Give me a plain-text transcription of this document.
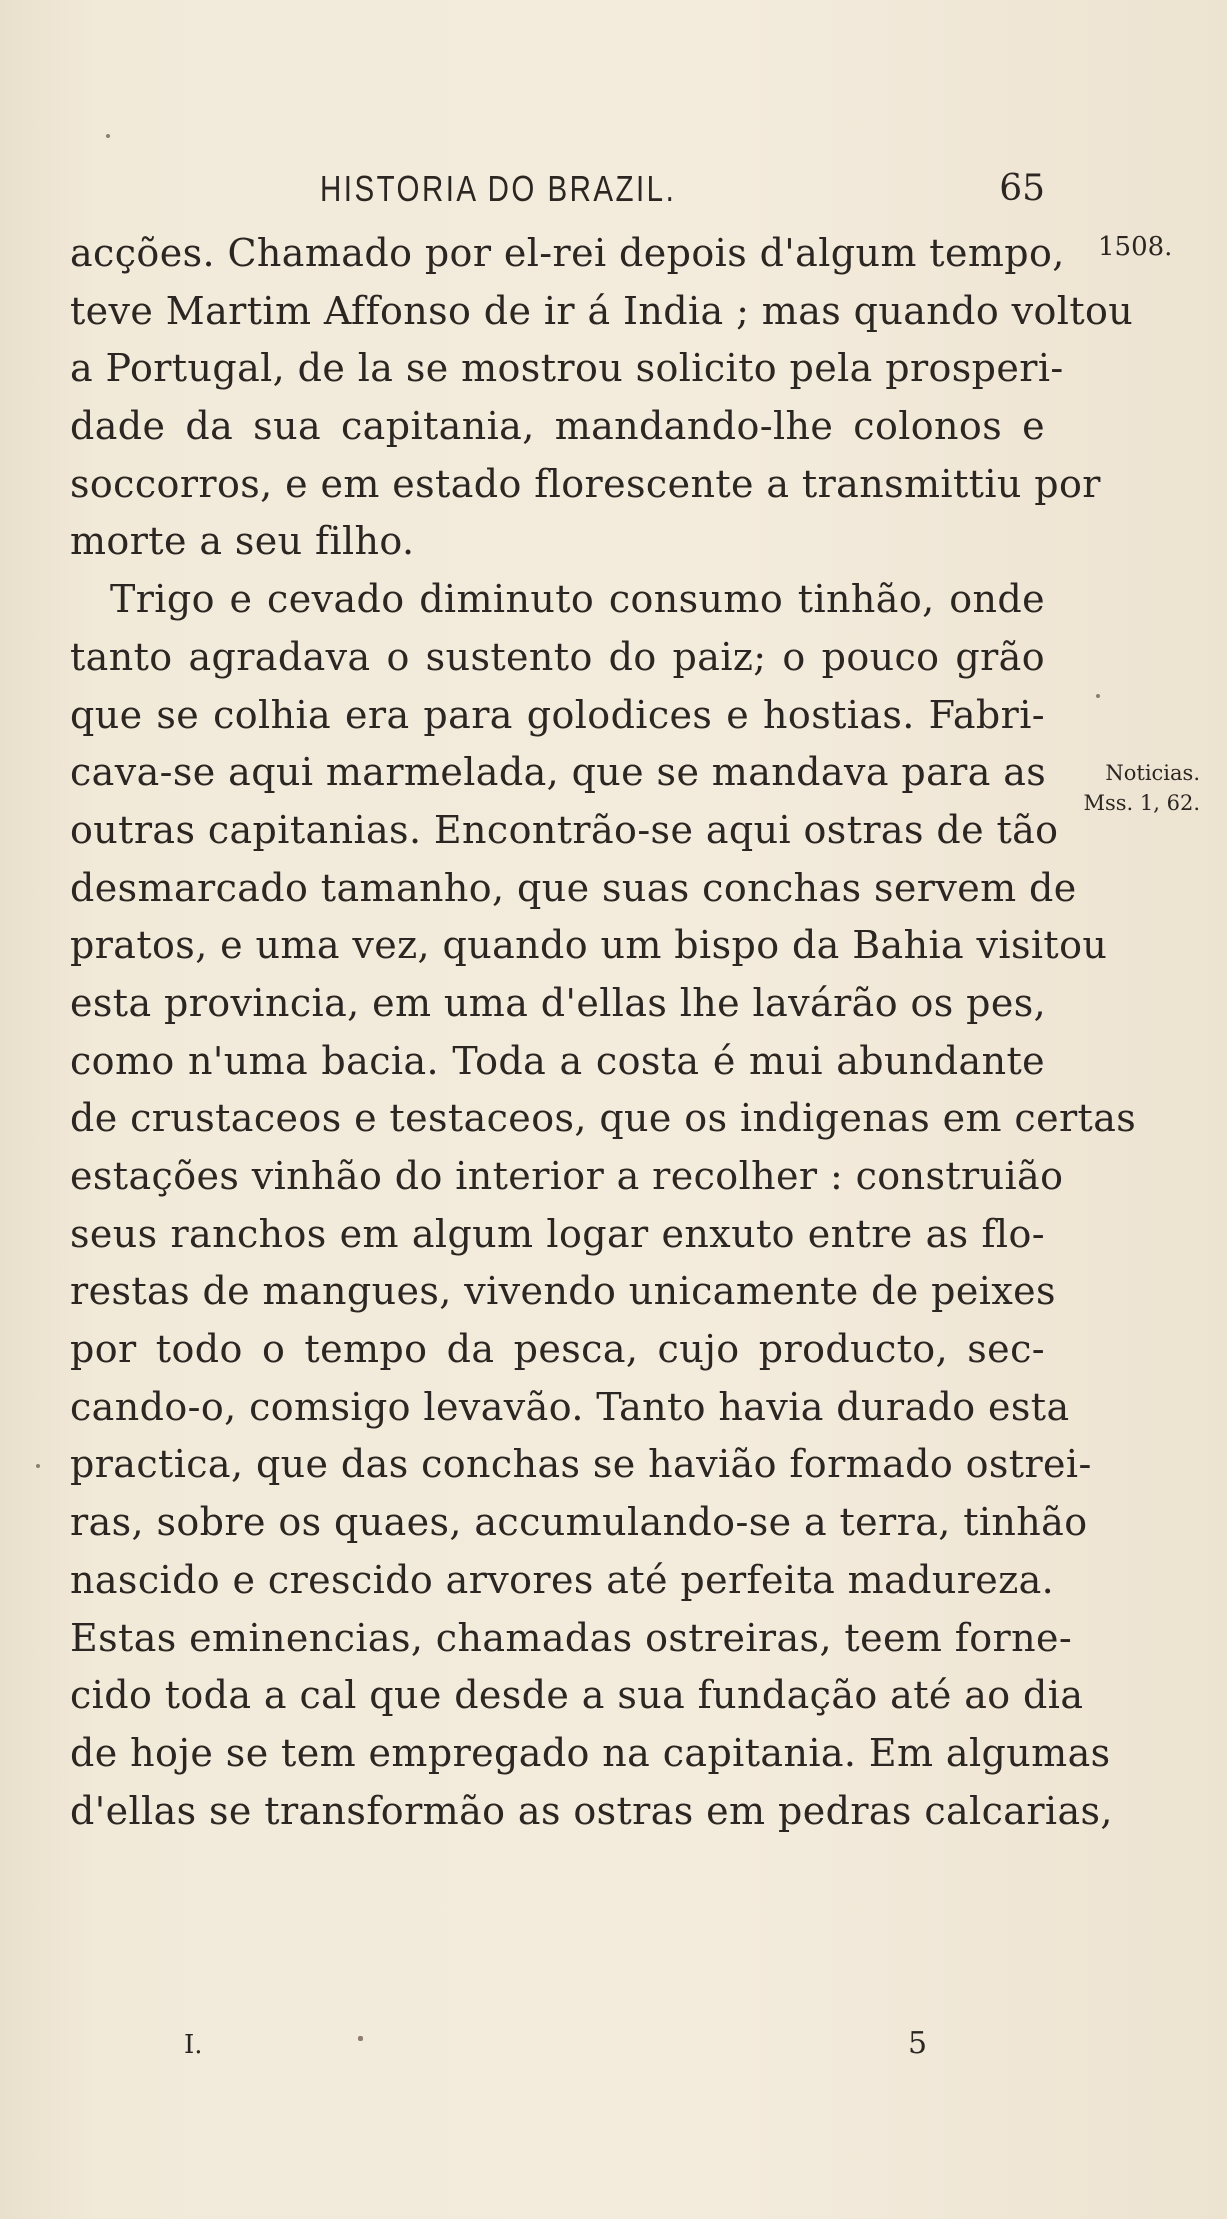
HISTORIA DO BRAZIL.	65
1508.
Noticias.
Mss. 1, 62.
acções. Chamado por el-rei depois d'algum tempo,
teve Martim Affonso de ir á India ; mas quando voltou
a Portugal, de la se mostrou solicito pela prosperi-
dade da sua capitania, mandando-lhe colonos e
soccorros, e em estado florescente a transmittiu por
morte a seu filho.
Trigo e cevado diminuto consumo tinhão, onde
tanto agradava o sustento do paiz; o pouco grão
que se colhia era para golodices e hostias. Fabri-
cava-se aqui marmelada, que se mandava para as
outras capitanias. Encontrão-se aqui ostras de tão
desmarcado tamanho, que suas conchas servem de
pratos, e uma vez, quando um bispo da Bahia visitou
esta provincia, em uma d'ellas lhe lavárão os pes,
como n'uma bacia. Toda a costa é mui abundante
de crustaceos e testaceos, que os indigenas em certas
estações vinhão do interior a recolher : construião
seus ranchos em algum logar enxuto entre as flo-
restas de mangues, vivendo unicamente de peixes
por todo o tempo da pesca, cujo producto, sec-
cando-o, comsigo levavão. Tanto havia durado esta
practica, que das conchas se havião formado ostrei-
ras, sobre os quaes, accumulando-se a terra, tinhão
nascido e crescido arvores até perfeita madureza.
Estas eminencias, chamadas ostreiras, teem forne-
cido toda a cal que desde a sua fundação até ao dia
de hoje se tem empregado na capitania. Em algumas
d'ellas se transformão as ostras em pedras calcarias,
I.	5
